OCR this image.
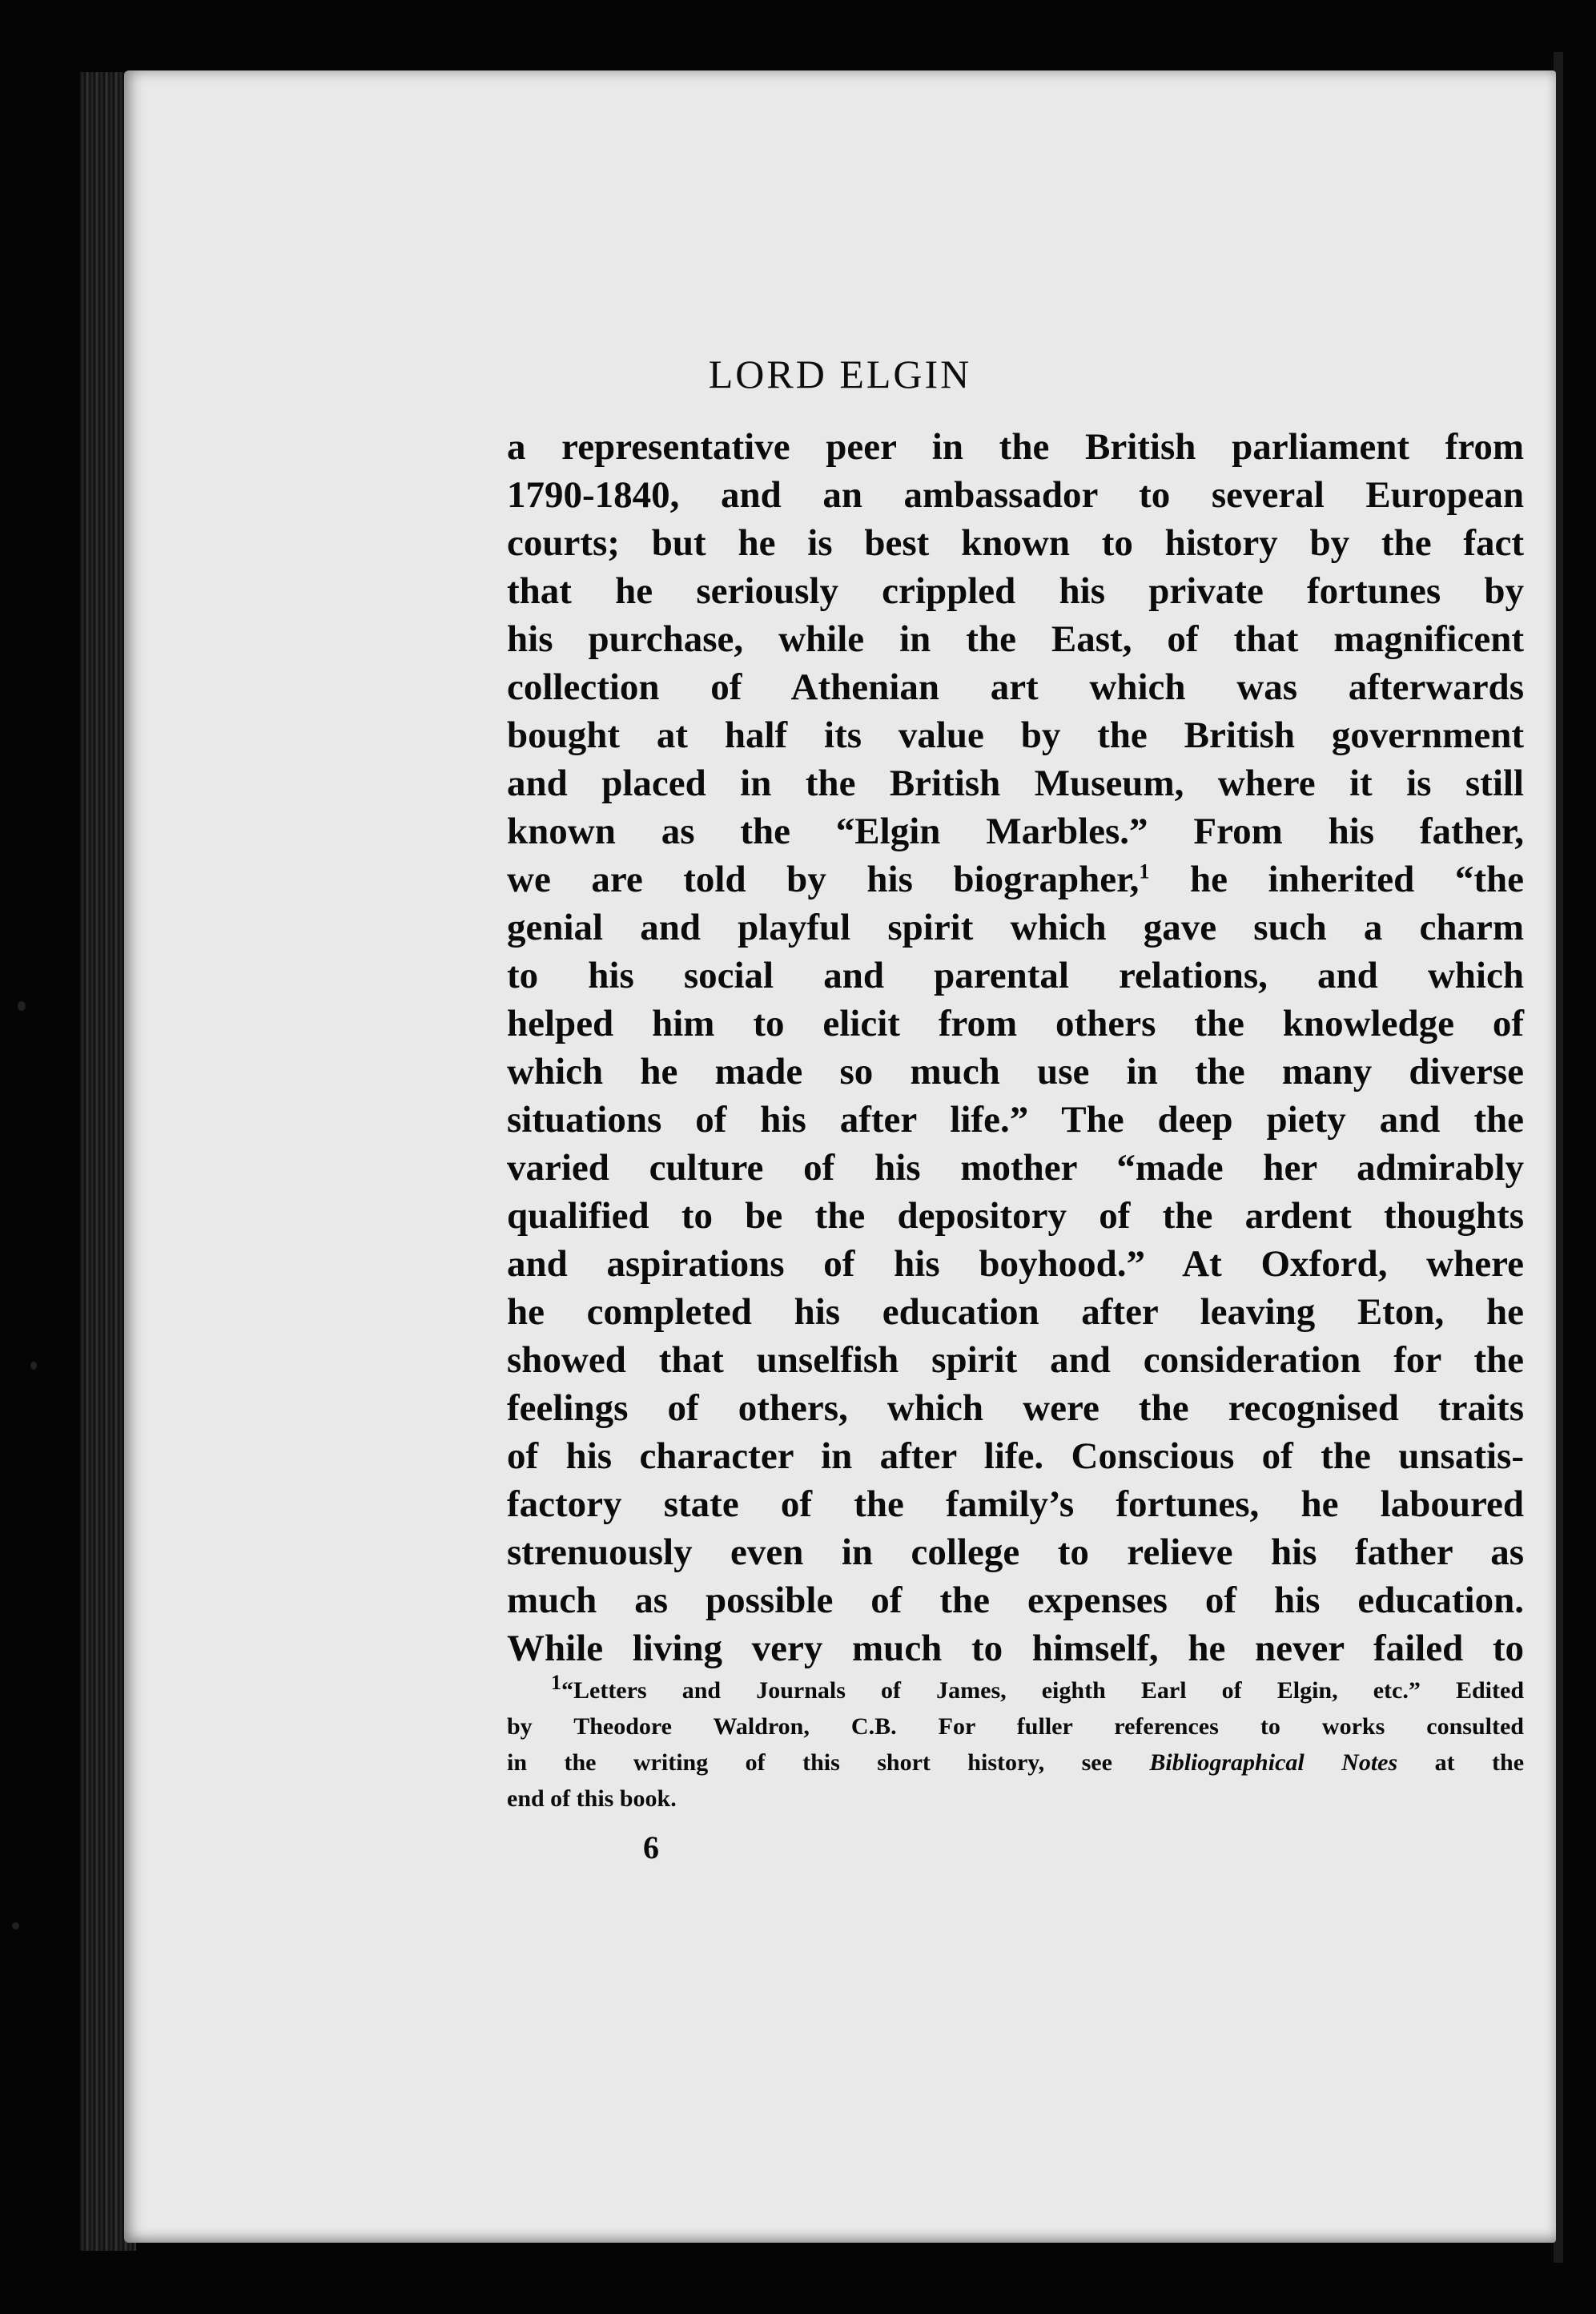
LORD ELGIN
a representative peer in the British parliament from
1790-1840, and an ambassador to several European
courts; but he is best known to history by the fact
that he seriously crippled his private fortunes by
his purchase, while in the East, of that magnificent
collection of Athenian art which was afterwards
bought at half its value by the British government
and placed in the British Museum, where it is still
known as the “Elgin Marbles.” From his father,
we are told by his biographer,$^1$ he inherited “the
genial and playful spirit which gave such a charm
to his social and parental relations, and which
helped him to elicit from others the knowledge of
which he made so much use in the many diverse
situations of his after life.” The deep piety and the
varied culture of his mother “made her admirably
qualified to be the depository of the ardent thoughts
and aspirations of his boyhood.” At Oxford, where
he completed his education after leaving Eton, he
showed that unselfish spirit and consideration for the
feelings of others, which were the recognised traits
of his character in after life. Conscious of the unsatis-
factory state of the family’s fortunes, he laboured
strenuously even in college to relieve his father as
much as possible of the expenses of his education.
While living very much to himself, he never failed to
1“Letters and Journals of James, eighth Earl of Elgin, etc.” Edited
by Theodore Waldron, C.B. For fuller references to works consulted
in the writing of this short history, see Bibliographical Notes at the
end of this book.
6
